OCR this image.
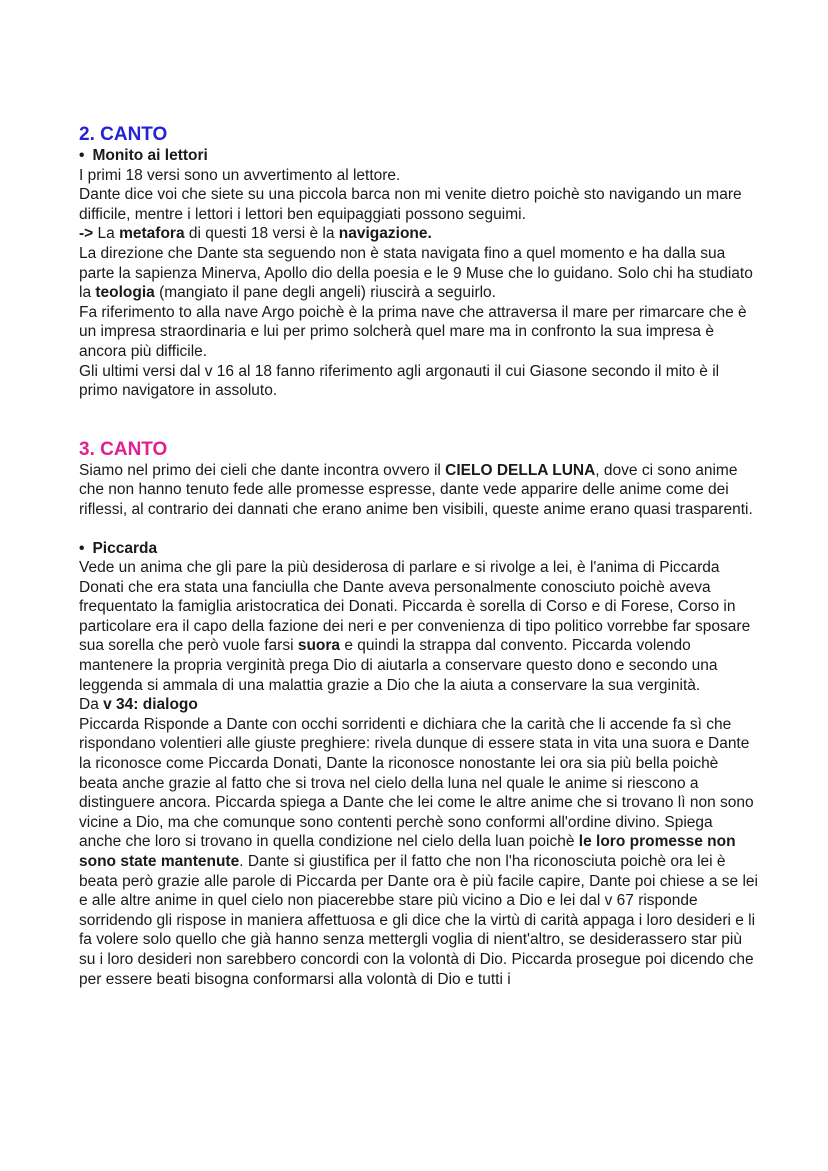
2. CANTO

• Monito ai lettori

I primi 18 versi sono un avvertimento al lettore.

Dante dice voi che siete su una piccola barca non mi venite dietro poichè sto navigando un mare difficile, mentre i lettori i lettori ben equipaggiati possono seguimi.

-> La metafora di questi 18 versi è la navigazione.

La direzione che Dante sta seguendo non è stata navigata fino a quel momento e ha dalla sua parte la sapienza Minerva, Apollo dio della poesia e le 9 Muse che lo guidano. Solo chi ha studiato la teologia (mangiato il pane degli angeli) riuscirà a seguirlo.

Fa riferimento to alla nave Argo poichè è la prima nave che attraversa il mare per rimarcare che è un impresa straordinaria e lui per primo solcherà quel mare ma in confronto la sua impresa è ancora più difficile.

Gli ultimi versi dal v 16 al 18 fanno riferimento agli argonauti il cui Giasone secondo il mito è il primo navigatore in assoluto.

3. CANTO

Siamo nel primo dei cieli che dante incontra ovvero il CIELO DELLA LUNA, dove ci sono anime che non hanno tenuto fede alle promesse espresse, dante vede apparire delle anime come dei riflessi, al contrario dei dannati che erano anime ben visibili, queste anime erano quasi trasparenti.

• Piccarda

Vede un anima che gli pare la più desiderosa di parlare e si rivolge a lei, è l'anima di Piccarda Donati che era stata una fanciulla che Dante aveva personalmente conosciuto poichè aveva frequentato la famiglia aristocratica dei Donati. Piccarda è sorella di Corso e di Forese, Corso in particolare era il capo della fazione dei neri e per convenienza di tipo politico vorrebbe far sposare sua sorella che però vuole farsi suora e quindi la strappa dal convento. Piccarda volendo mantenere la propria verginità prega Dio di aiutarla a conservare questo dono e secondo una leggenda si ammala di una malattia grazie a Dio che la aiuta a conservare la sua verginità.

Da v 34: dialogo

Piccarda Risponde a Dante con occhi sorridenti e dichiara che la carità che li accende fa sì che rispondano volentieri alle giuste preghiere: rivela dunque di essere stata in vita una suora e Dante la riconosce come Piccarda Donati, Dante la riconosce nonostante lei ora sia più bella poichè beata anche grazie al fatto che si trova nel cielo della luna nel quale le anime si riescono a distinguere ancora. Piccarda spiega a Dante che lei come le altre anime che si trovano lì non sono vicine a Dio, ma che comunque sono contenti perchè sono conformi all'ordine divino. Spiega anche che loro si trovano in quella condizione nel cielo della luan poichè le loro promesse non sono state mantenute. Dante si giustifica per il fatto che non l'ha riconosciuta poichè ora lei è beata però grazie alle parole di Piccarda per Dante ora è più facile capire, Dante poi chiese a se lei e alle altre anime in quel cielo non piacerebbe stare più vicino a Dio e lei dal v 67 risponde sorridendo gli rispose in maniera affettuosa e gli dice che la virtù di carità appaga i loro desideri e li fa volere solo quello che già hanno senza mettergli voglia di nient'altro, se desiderassero star più su i loro desideri non sarebbero concordi con la volontà di Dio. Piccarda prosegue poi dicendo che per essere beati bisogna conformarsi alla volontà di Dio e tutti i
